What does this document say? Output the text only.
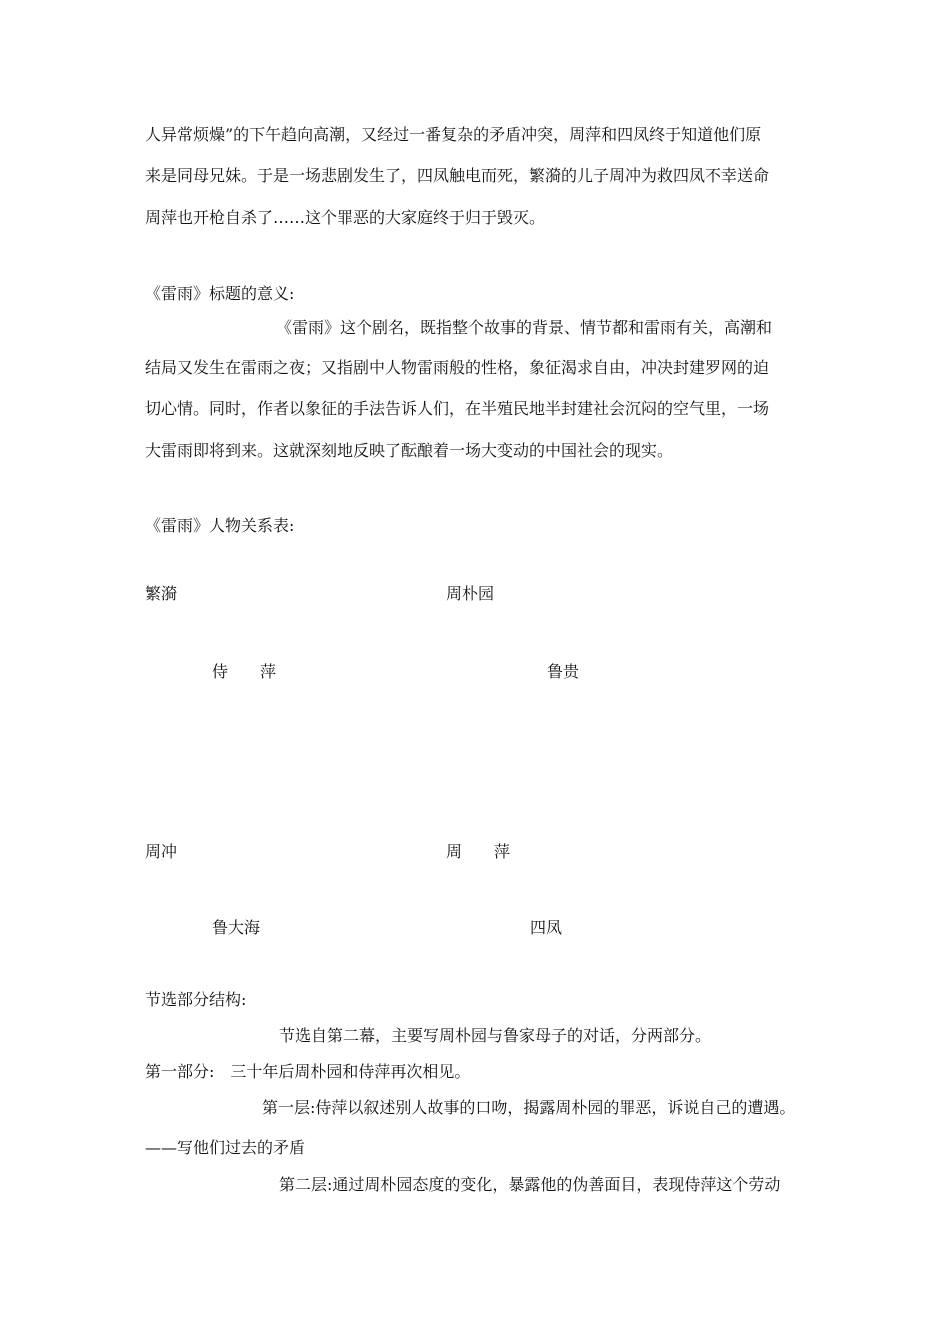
人异常烦燥”的下午趋向高潮，又经过一番复杂的矛盾冲突，周萍和四凤终于知道他们原
来是同母兄妹。于是一场悲剧发生了，四凤触电而死，繁漪的儿子周冲为救四凤不幸送命
周萍也开枪自杀了……这个罪恶的大家庭终于归于毁灭。
《雷雨》标题的意义:
《雷雨》这个剧名，既指整个故事的背景、情节都和雷雨有关，高潮和
结局又发生在雷雨之夜；又指剧中人物雷雨般的性格，象征渴求自由，冲决封建罗网的迫
切心情。同时，作者以象征的手法告诉人们，在半殖民地半封建社会沉闷的空气里，一场
大雷雨即将到来。这就深刻地反映了酝酿着一场大变动的中国社会的现实。
《雷雨》人物关系表:
繁漪	周朴园
侍　　萍	鲁贵
周冲	周　　萍
鲁大海	四凤
节选部分结构:
节选自第二幕，主要写周朴园与鲁家母子的对话，分两部分。
第一部分:　三十年后周朴园和侍萍再次相见。
第一层:侍萍以叙述别人故事的口吻，揭露周朴园的罪恶，诉说自己的遭遇。
——写他们过去的矛盾
第二层:通过周朴园态度的变化，暴露他的伪善面目，表现侍萍这个劳动
